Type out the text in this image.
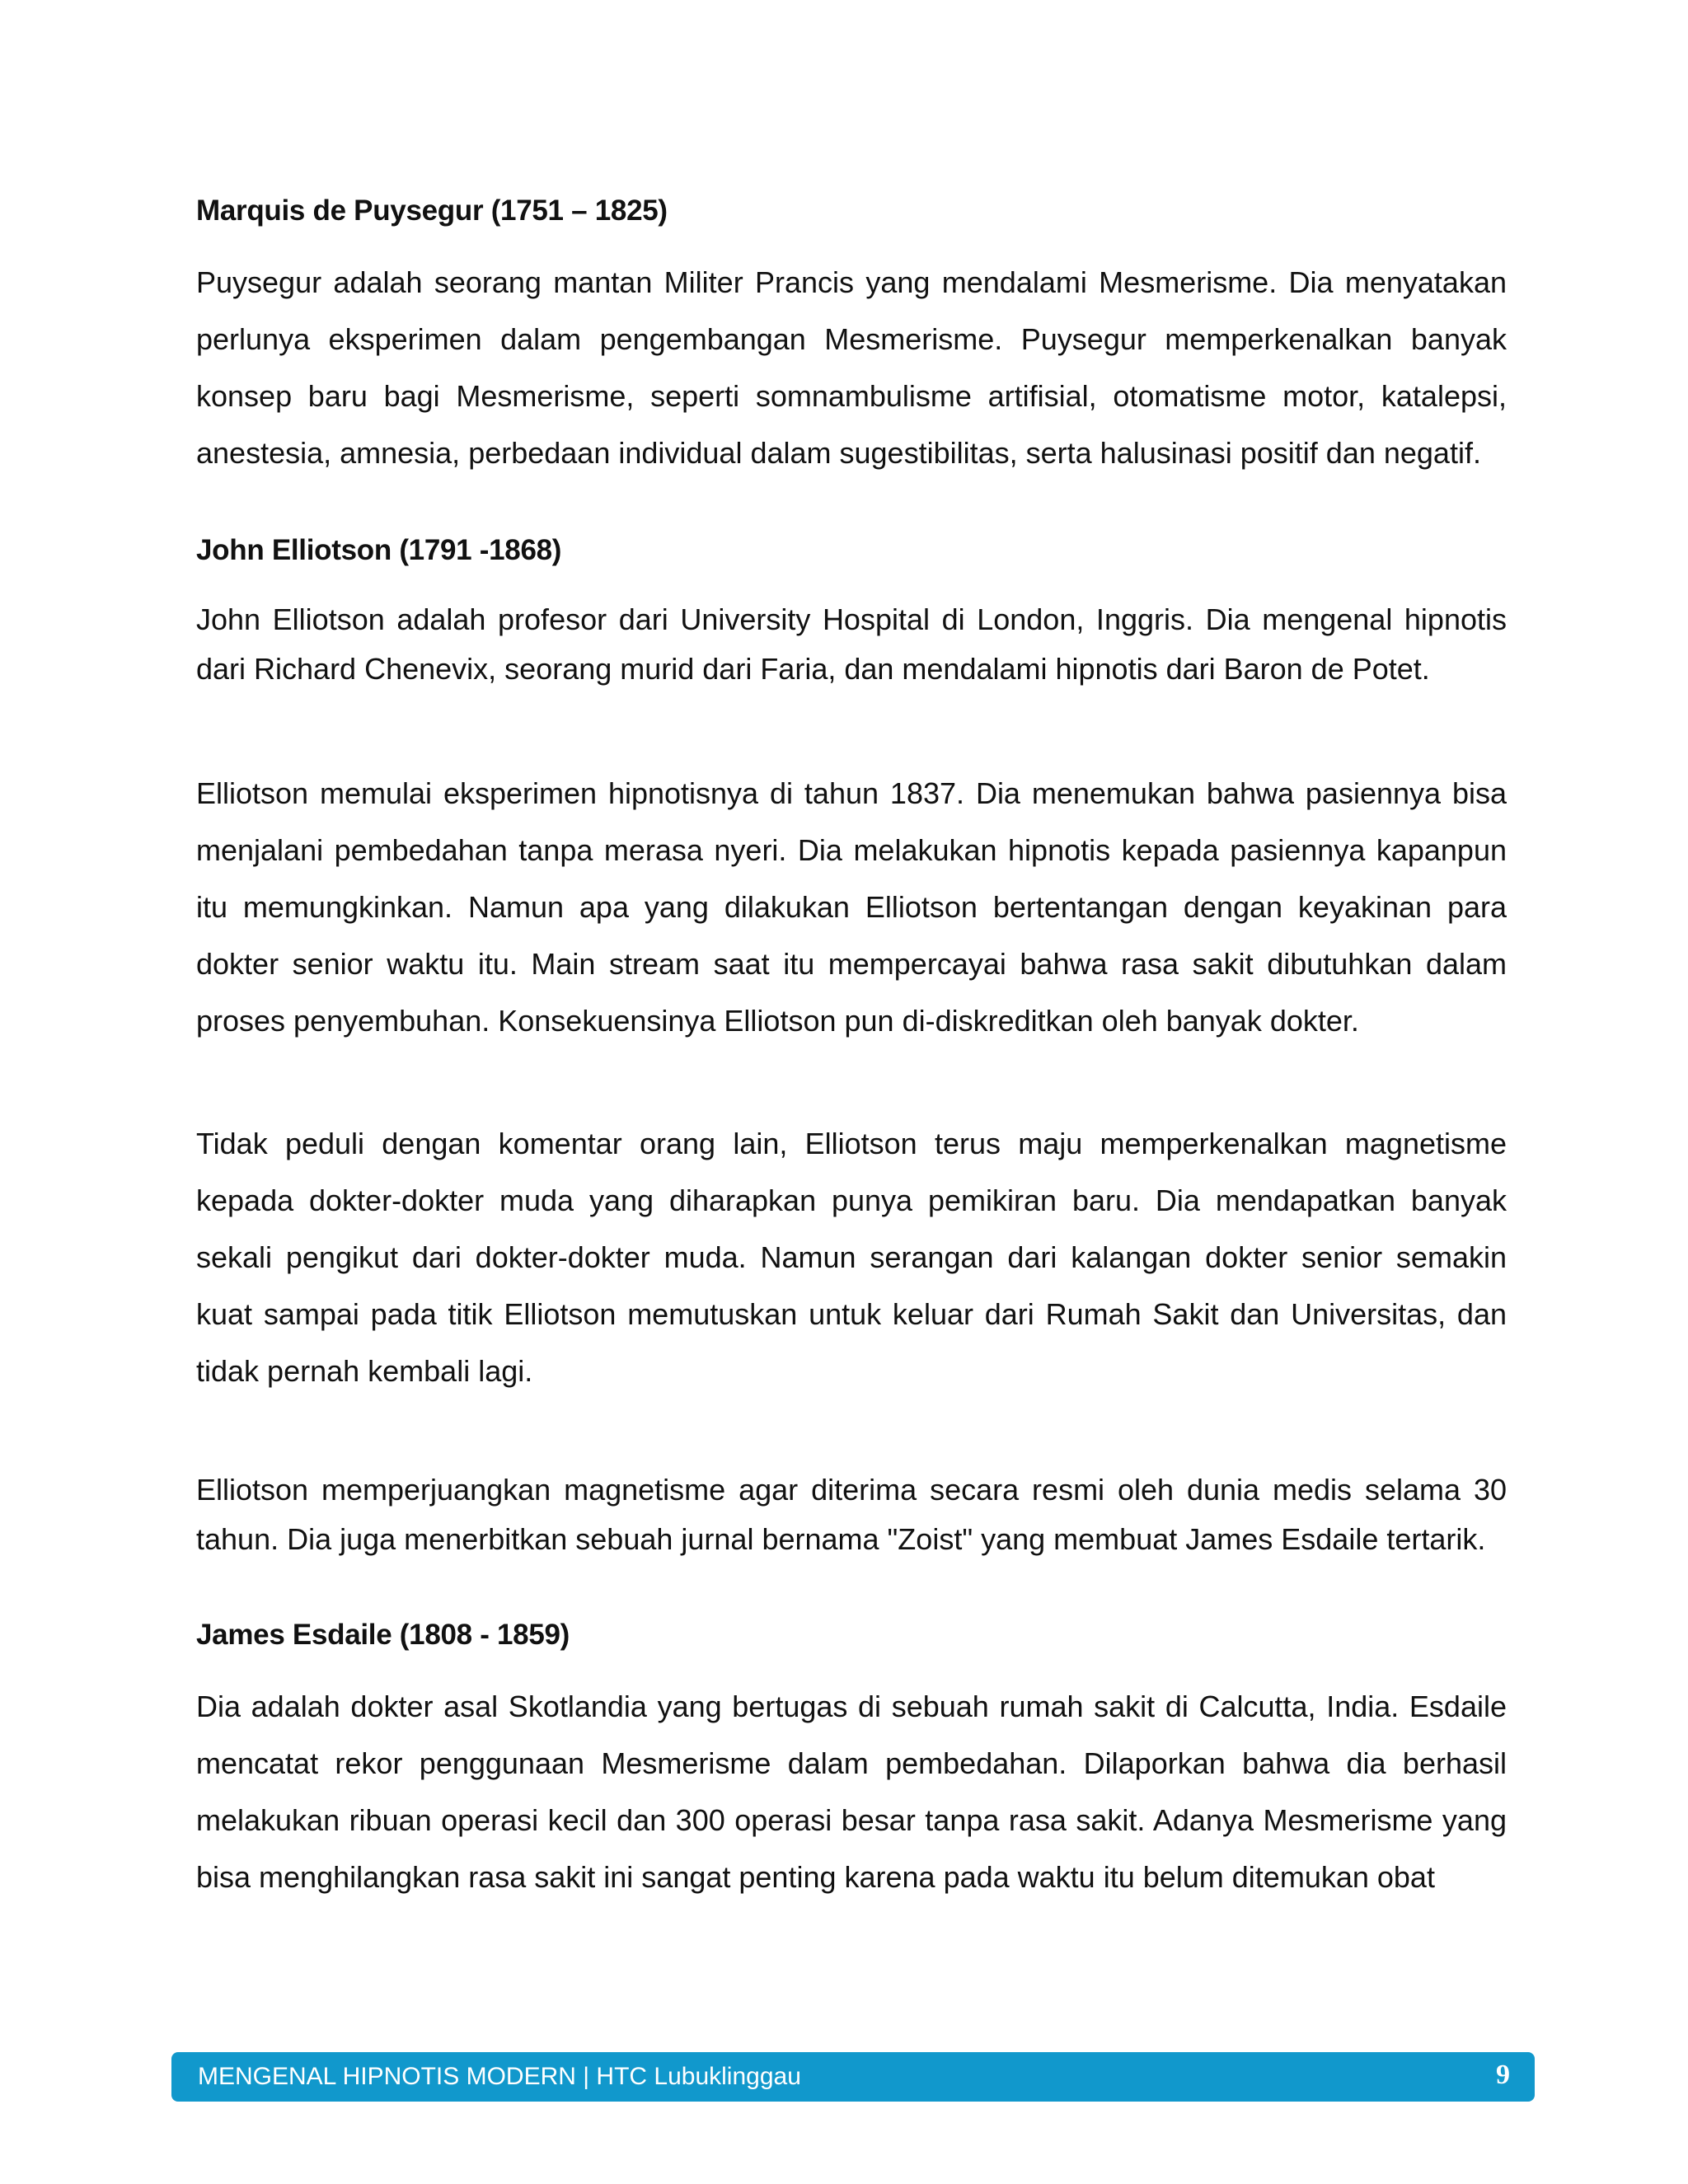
Marquis de Puysegur (1751 – 1825)

Puysegur adalah seorang mantan Militer Prancis yang mendalami Mesmerisme. Dia menyatakan perlunya eksperimen dalam pengembangan Mesmerisme. Puysegur memperkenalkan banyak konsep baru bagi Mesmerisme, seperti somnambulisme artifisial, otomatisme motor, katalepsi, anestesia, amnesia, perbedaan individual dalam sugestibilitas, serta halusinasi positif dan negatif.

John Elliotson (1791 -1868)

John Elliotson adalah profesor dari University Hospital di London, Inggris. Dia mengenal hipnotis dari Richard Chenevix, seorang murid dari Faria, dan mendalami hipnotis dari Baron de Potet.

Elliotson memulai eksperimen hipnotisnya di tahun 1837. Dia menemukan bahwa pasiennya bisa menjalani pembedahan tanpa merasa nyeri. Dia melakukan hipnotis kepada pasiennya kapanpun itu memungkinkan. Namun apa yang dilakukan Elliotson bertentangan dengan keyakinan para dokter senior waktu itu. Main stream saat itu mempercayai bahwa rasa sakit dibutuhkan dalam proses penyembuhan. Konsekuensinya Elliotson pun di-diskreditkan oleh banyak dokter.

Tidak peduli dengan komentar orang lain, Elliotson terus maju memperkenalkan magnetisme kepada dokter-dokter muda yang diharapkan punya pemikiran baru. Dia mendapatkan banyak sekali pengikut dari dokter-dokter muda. Namun serangan dari kalangan dokter senior semakin kuat sampai pada titik Elliotson memutuskan untuk keluar dari Rumah Sakit dan Universitas, dan tidak pernah kembali lagi.

Elliotson memperjuangkan magnetisme agar diterima secara resmi oleh dunia medis selama 30 tahun. Dia juga menerbitkan sebuah jurnal bernama "Zoist" yang membuat James Esdaile tertarik.

James Esdaile (1808 - 1859)

Dia adalah dokter asal Skotlandia yang bertugas di sebuah rumah sakit di Calcutta, India. Esdaile mencatat rekor penggunaan Mesmerisme dalam pembedahan. Dilaporkan bahwa dia berhasil melakukan ribuan operasi kecil dan 300 operasi besar tanpa rasa sakit. Adanya Mesmerisme yang bisa menghilangkan rasa sakit ini sangat penting karena pada waktu itu belum ditemukan obat

MENGENAL HIPNOTIS MODERN | HTC Lubuklinggau	9
